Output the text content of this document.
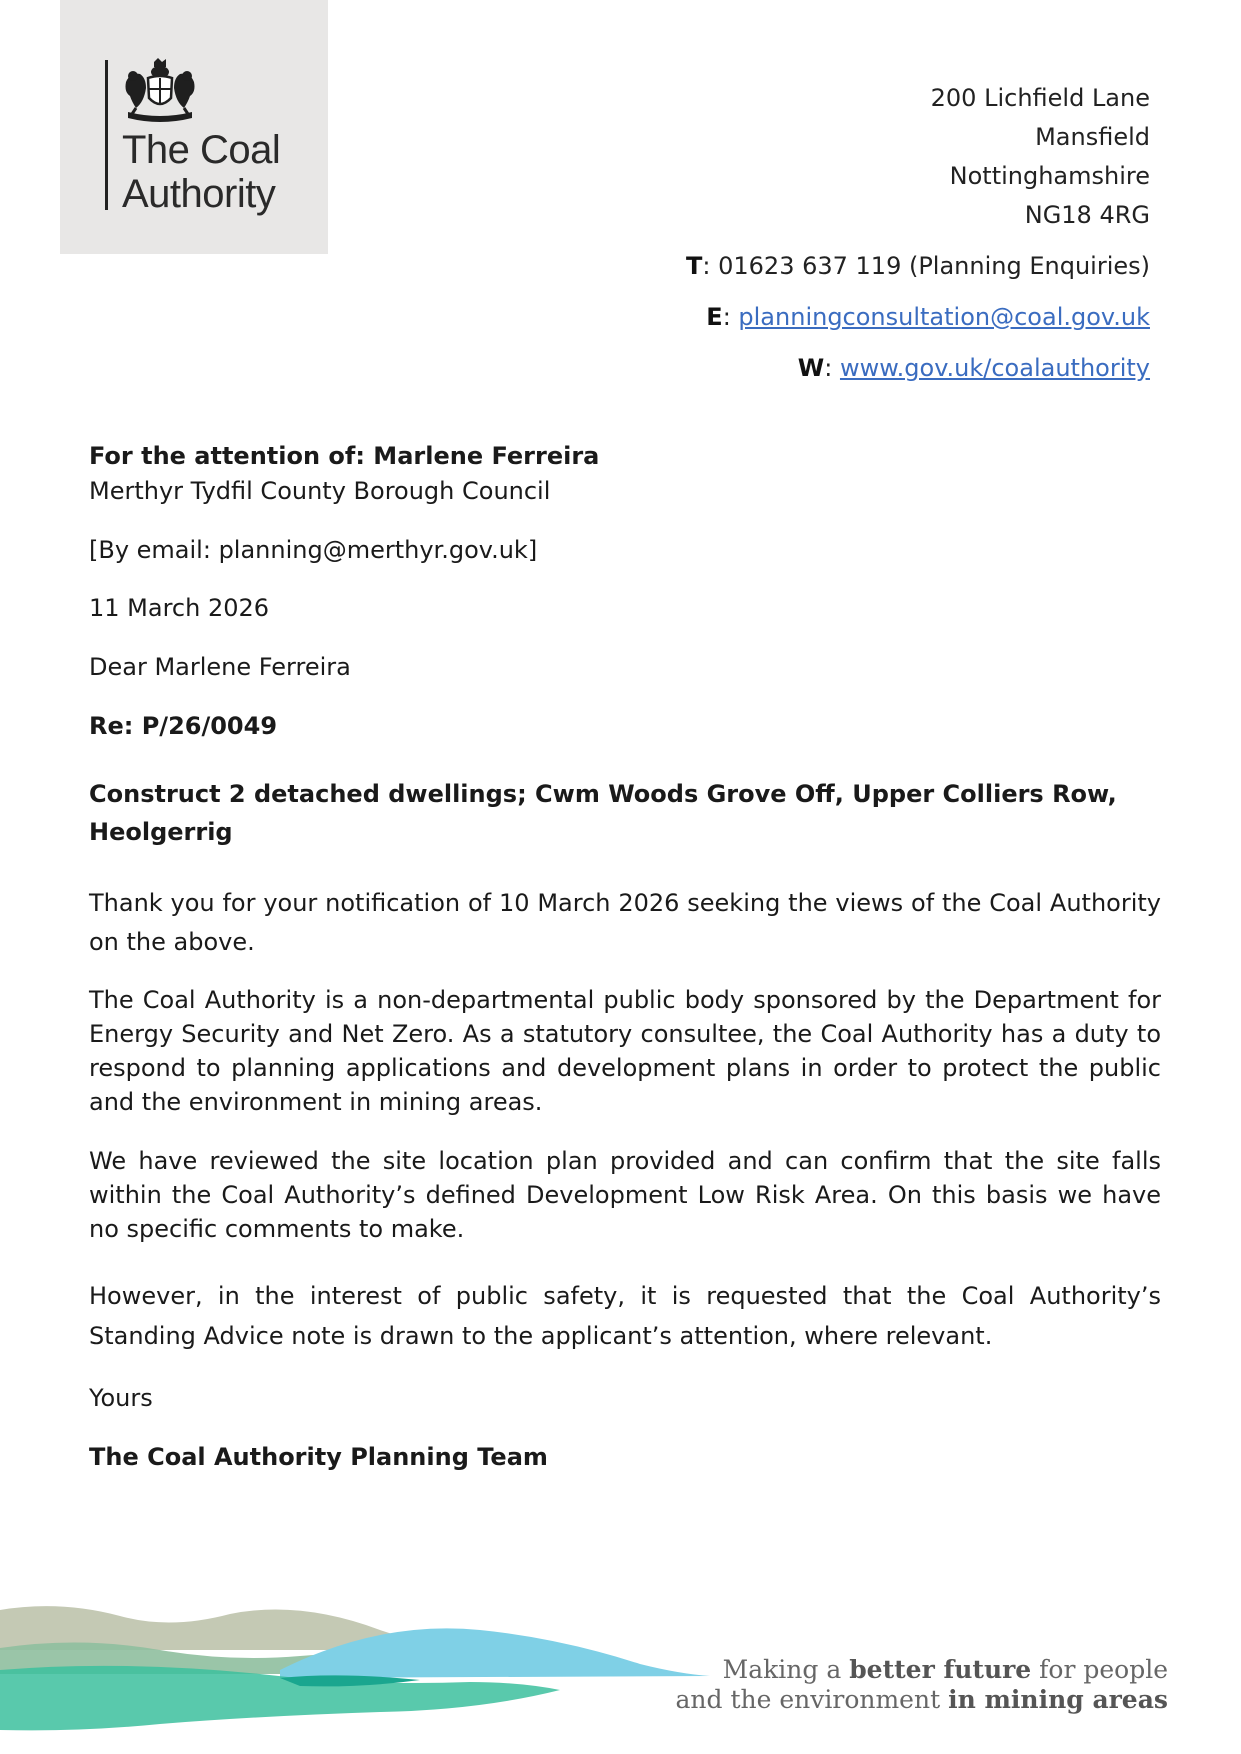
The Coal
Authority
200 Lichfield Lane
Mansfield
Nottinghamshire
NG18 4RG
T: 01623 637 119 (Planning Enquiries)
E: planningconsultation@coal.gov.uk
W: www.gov.uk/coalauthority
For the attention of: Marlene Ferreira
Merthyr Tydfil County Borough Council
[By email: planning@merthyr.gov.uk]
11 March 2026
Dear Marlene Ferreira
Re: P/26/0049
Construct 2 detached dwellings; Cwm Woods Grove Off, Upper Colliers Row,
Heolgerrig
Thank you for your notification of 10 March 2026 seeking the views of the Coal Authority on the above.
The Coal Authority is a non-departmental public body sponsored by the Department for Energy Security and Net Zero. As a statutory consultee, the Coal Authority has a duty to respond to planning applications and development plans in order to protect the public and the environment in mining areas.
We have reviewed the site location plan provided and can confirm that the site falls within the Coal Authority’s defined Development Low Risk Area. On this basis we have no specific comments to make.
However, in the interest of public safety, it is requested that the Coal Authority’s Standing Advice note is drawn to the applicant’s attention, where relevant.
Yours
The Coal Authority Planning Team
Making a better future for people
and the environment in mining areas
